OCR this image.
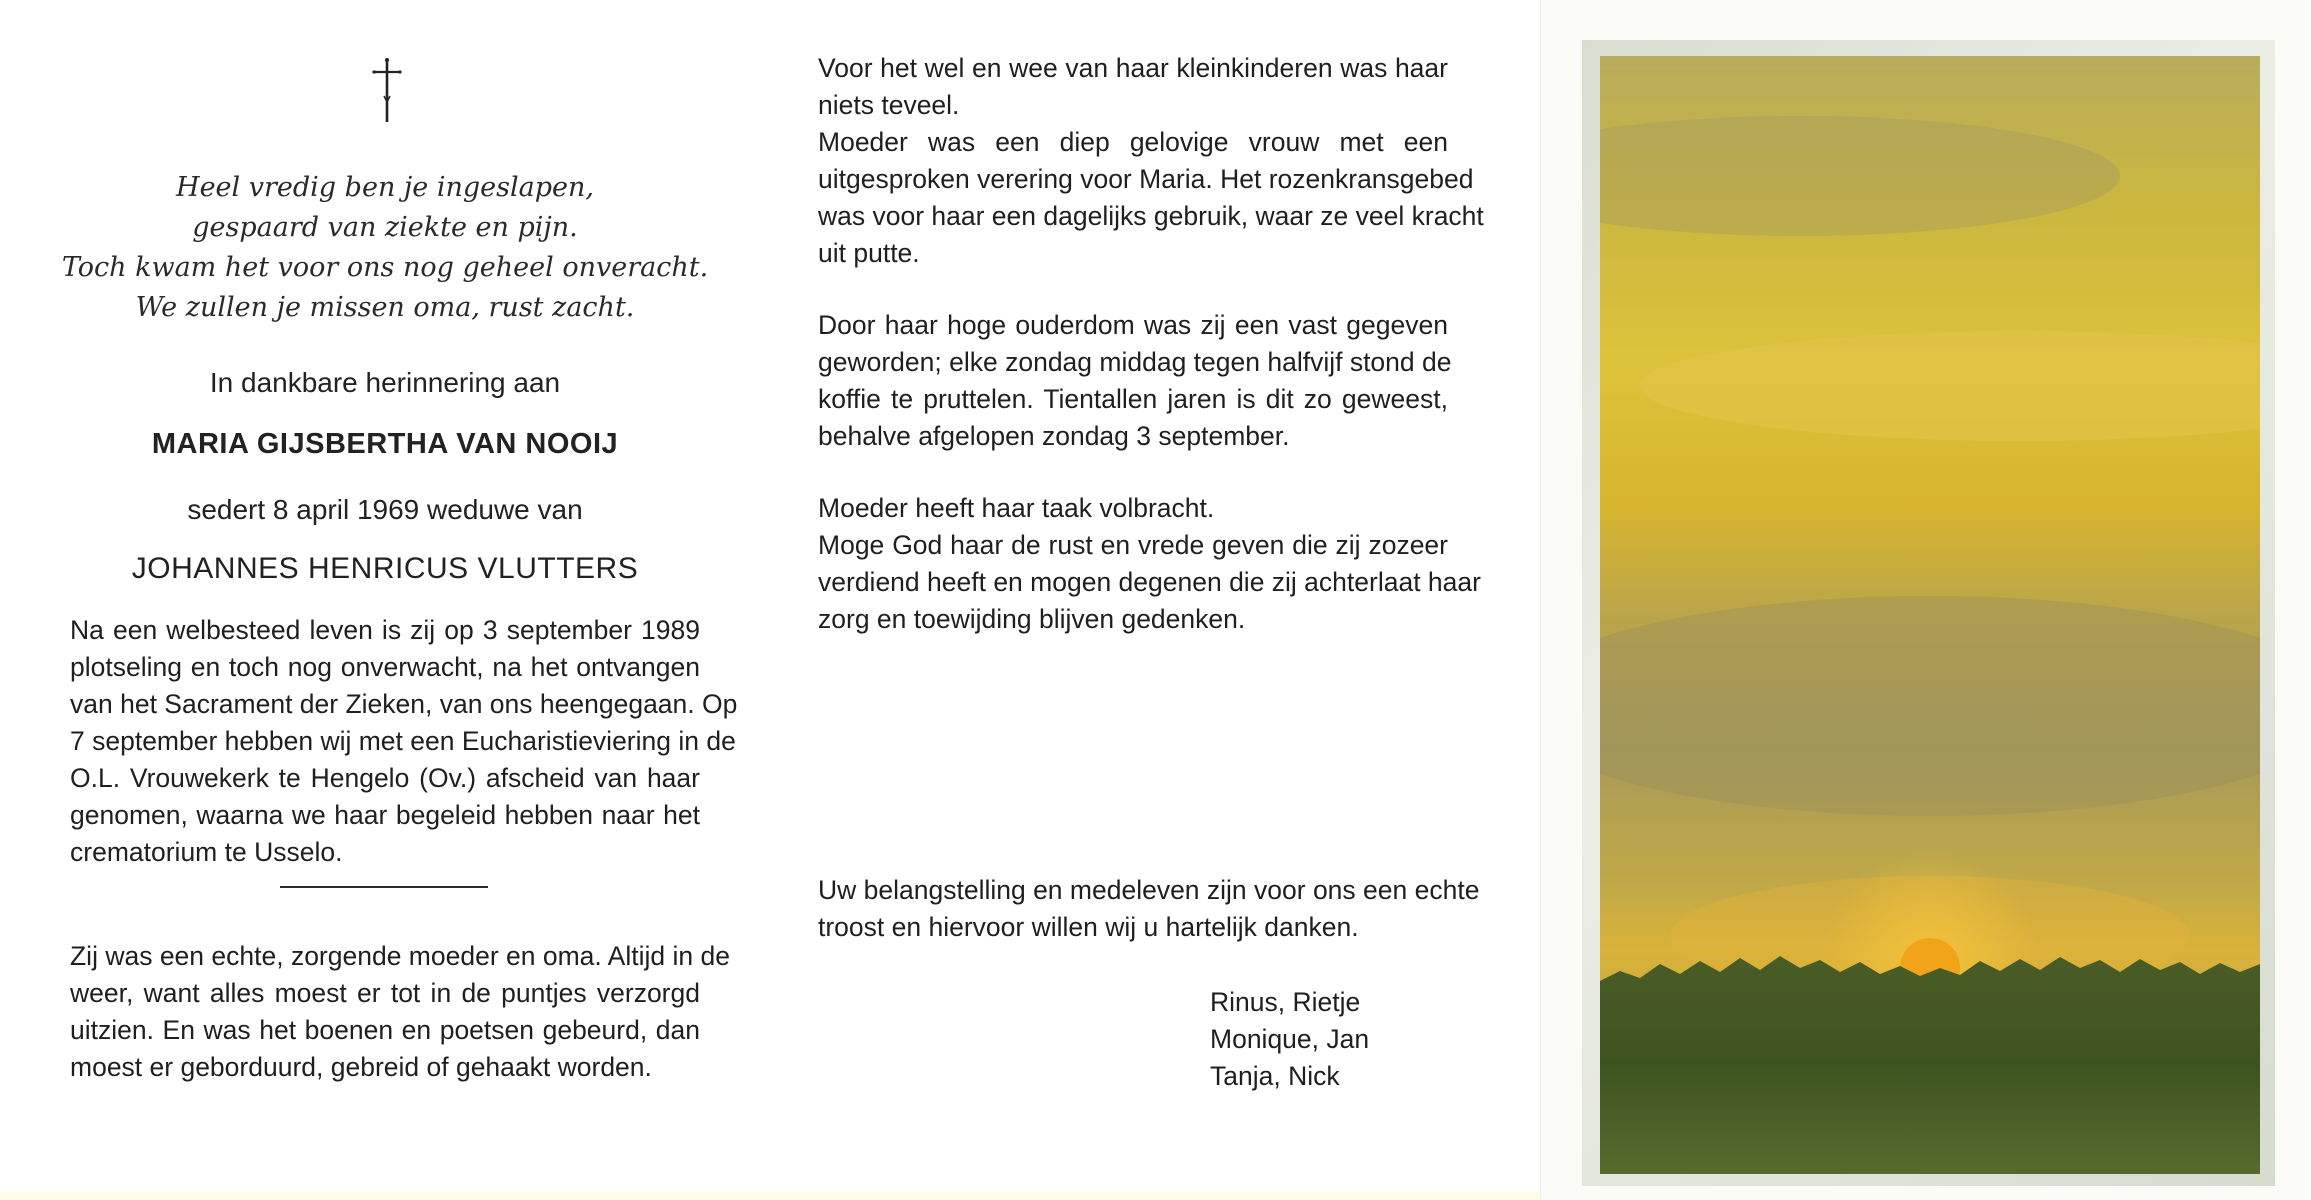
Heel vredig ben je ingeslapen,
gespaard van ziekte en pijn.
Toch kwam het voor ons nog geheel onveracht.
We zullen je missen oma, rust zacht.
In dankbare herinnering aan
MARIA GIJSBERTHA VAN NOOIJ
sedert 8 april 1969 weduwe van
JOHANNES HENRICUS VLUTTERS
Na een welbesteed leven is zij op 3 september 1989
plotseling en toch nog onverwacht, na het ontvangen
van het Sacrament der Zieken, van ons heengegaan. Op
7 september hebben wij met een Eucharistieviering in de
O.L. Vrouwekerk te Hengelo (Ov.) afscheid van haar
genomen, waarna we haar begeleid hebben naar het
crematorium te Usselo.
Zij was een echte, zorgende moeder en oma. Altijd in de
weer, want alles moest er tot in de puntjes verzorgd
uitzien. En was het boenen en poetsen gebeurd, dan
moest er geborduurd, gebreid of gehaakt worden.
Voor het wel en wee van haar kleinkinderen was haar
niets teveel.
Moeder was een diep gelovige vrouw met een
uitgesproken verering voor Maria. Het rozenkransgebed
was voor haar een dagelijks gebruik, waar ze veel kracht
uit putte.
Door haar hoge ouderdom was zij een vast gegeven
geworden; elke zondag middag tegen halfvijf stond de
koffie te pruttelen. Tientallen jaren is dit zo geweest,
behalve afgelopen zondag 3 september.
Moeder heeft haar taak volbracht.
Moge God haar de rust en vrede geven die zij zozeer
verdiend heeft en mogen degenen die zij achterlaat haar
zorg en toewijding blijven gedenken.
Uw belangstelling en medeleven zijn voor ons een echte
troost en hiervoor willen wij u hartelijk danken.
Rinus, Rietje
Monique, Jan
Tanja, Nick
